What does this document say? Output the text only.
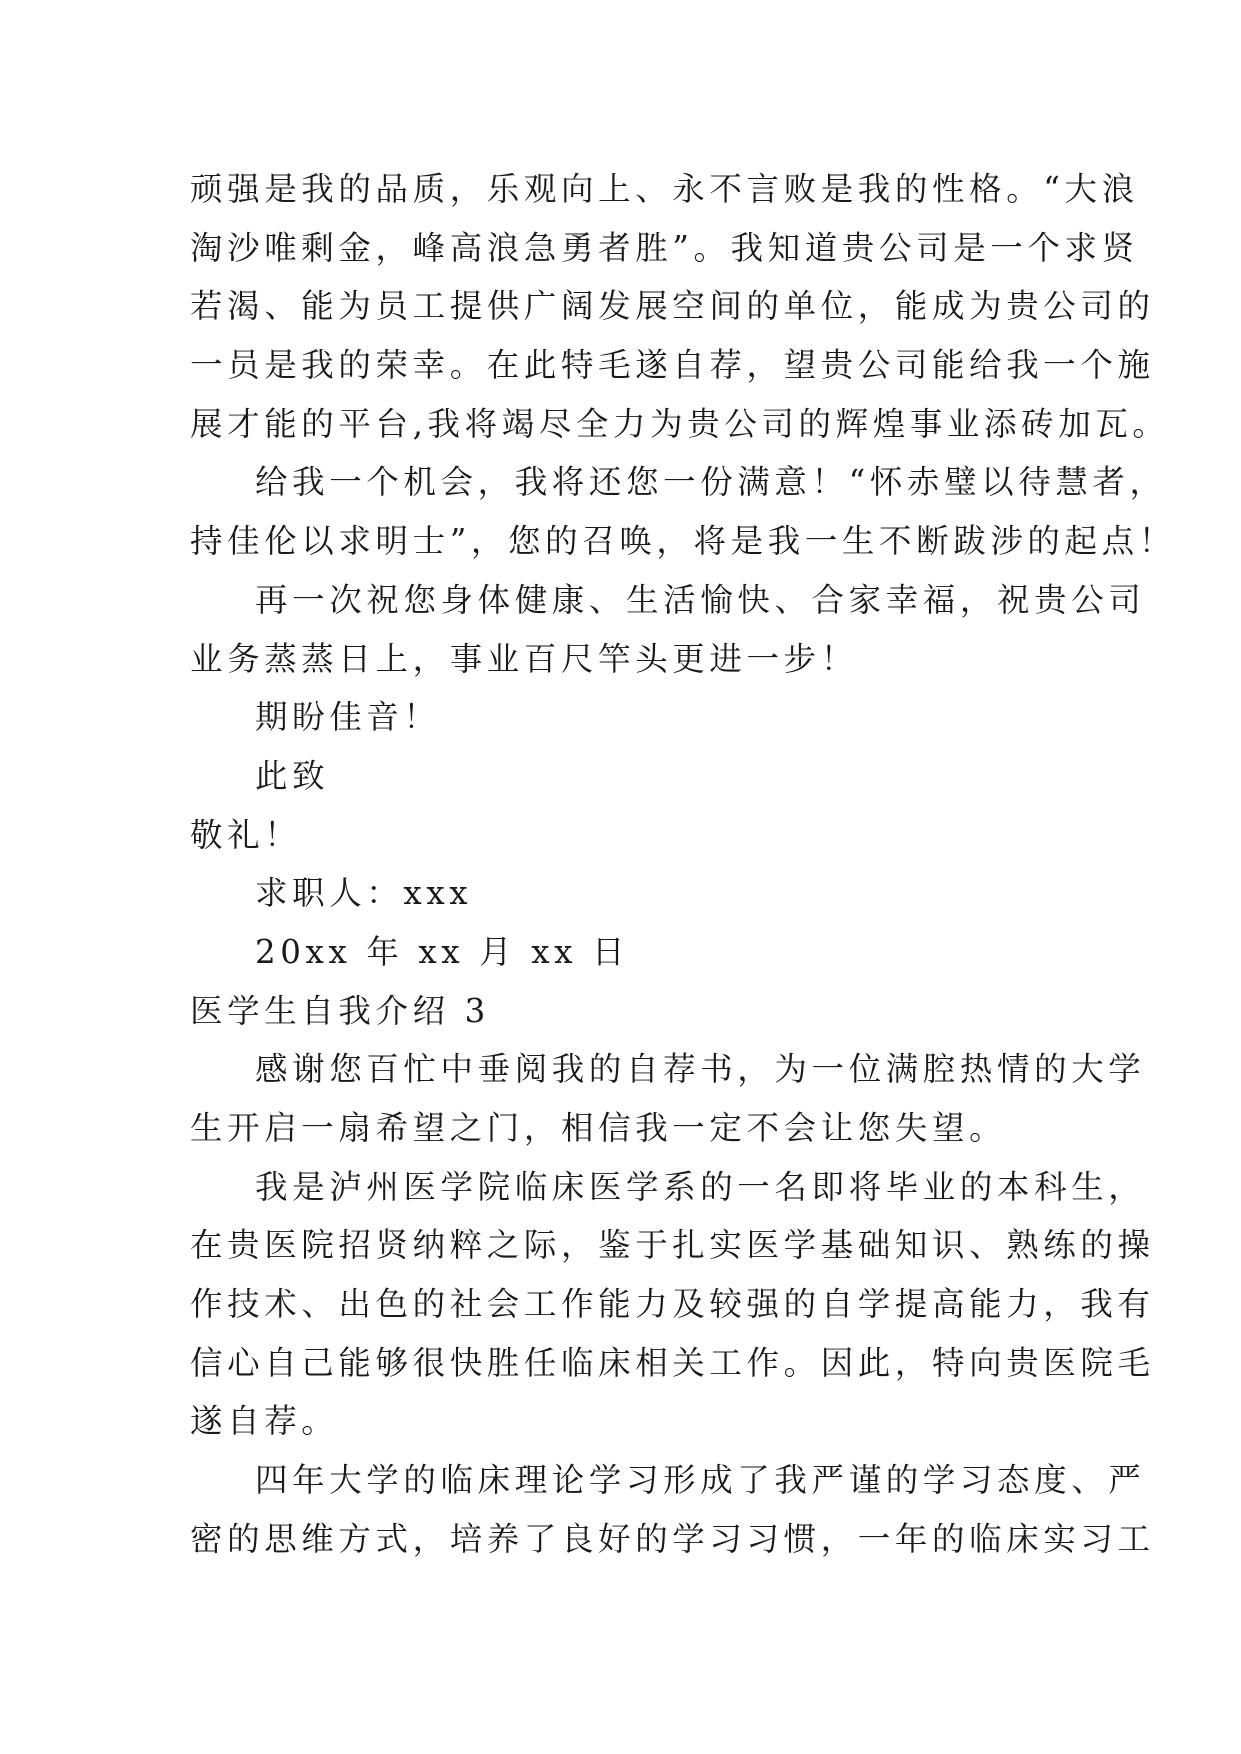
顽强是我的品质，乐观向上、永不言败是我的性格。“大浪
淘沙唯剩金，峰高浪急勇者胜”。我知道贵公司是一个求贤
若渴、能为员工提供广阔发展空间的单位，能成为贵公司的
一员是我的荣幸。在此特毛遂自荐，望贵公司能给我一个施
展才能的平台,我将竭尽全力为贵公司的辉煌事业添砖加瓦。
给我一个机会，我将还您一份满意！“怀赤璧以待慧者，
持佳伦以求明士”，您的召唤，将是我一生不断跋涉的起点！
再一次祝您身体健康、生活愉快、合家幸福，祝贵公司
业务蒸蒸日上，事业百尺竿头更进一步！
期盼佳音！
此致
敬礼！
求职人：xxx
20xx 年 xx 月 xx 日
医学生自我介绍 3
感谢您百忙中垂阅我的自荐书，为一位满腔热情的大学
生开启一扇希望之门，相信我一定不会让您失望。
我是泸州医学院临床医学系的一名即将毕业的本科生，
在贵医院招贤纳粹之际，鉴于扎实医学基础知识、熟练的操
作技术、出色的社会工作能力及较强的自学提高能力，我有
信心自己能够很快胜任临床相关工作。因此，特向贵医院毛
遂自荐。
四年大学的临床理论学习形成了我严谨的学习态度、严
密的思维方式，培养了良好的学习习惯，一年的临床实习工
